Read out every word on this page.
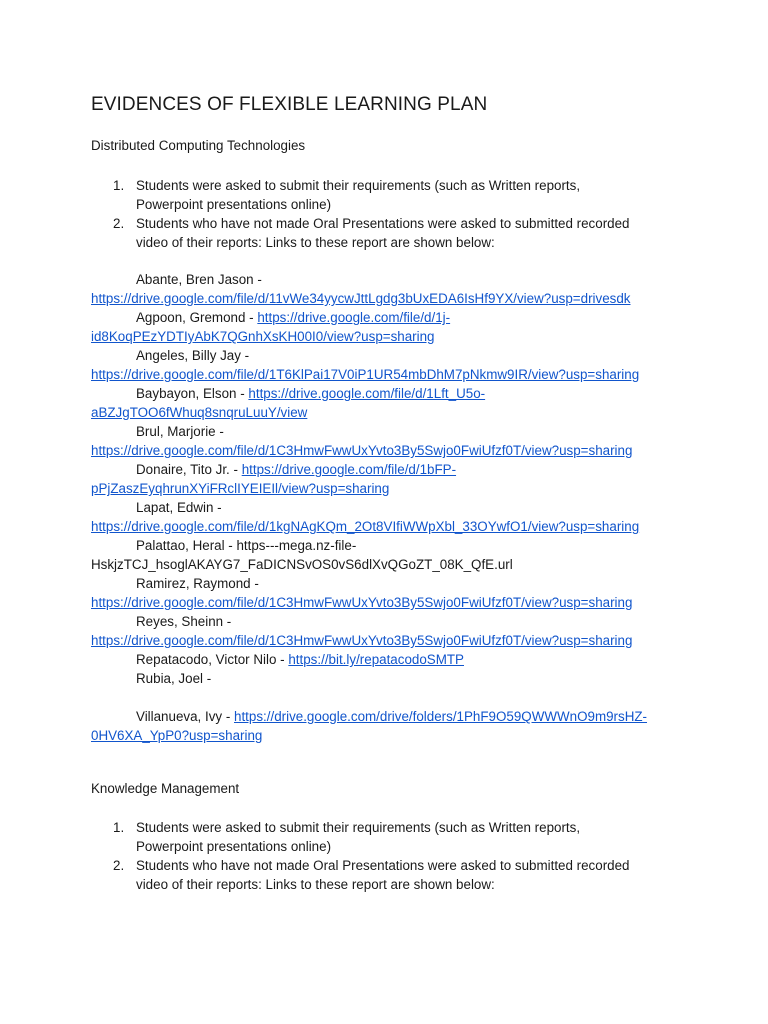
EVIDENCES OF FLEXIBLE LEARNING PLAN
Distributed Computing Technologies
1. Students were asked to submit their requirements (such as Written reports,
Powerpoint presentations online)
2. Students who have not made Oral Presentations were asked to submitted recorded
video of their reports: Links to these report are shown below:
Abante, Bren Jason -
https://drive.google.com/file/d/11vWe34yycwJttLgdg3bUxEDA6IsHf9YX/view?usp=drivesdk
Agpoon, Gremond - https://drive.google.com/file/d/1j-
id8KoqPEzYDTIyAbK7QGnhXsKH00I0/view?usp=sharing
Angeles, Billy Jay -
https://drive.google.com/file/d/1T6KlPai17V0iP1UR54mbDhM7pNkmw9IR/view?usp=sharing
Baybayon, Elson - https://drive.google.com/file/d/1Lft_U5o-
aBZJgTOO6fWhuq8snqruLuuY/view
Brul, Marjorie -
https://drive.google.com/file/d/1C3HmwFwwUxYvto3By5Swjo0FwiUfzf0T/view?usp=sharing
Donaire, Tito Jr. - https://drive.google.com/file/d/1bFP-
pPjZaszEyqhrunXYiFRclIYEIEIl/view?usp=sharing
Lapat, Edwin -
https://drive.google.com/file/d/1kgNAgKQm_2Ot8VIfiWWpXbl_33OYwfO1/view?usp=sharing
Palattao, Heral - https---mega.nz-file-
HskjzTCJ_hsoglAKAYG7_FaDICNSvOS0vS6dlXvQGoZT_08K_QfE.url
Ramirez, Raymond -
https://drive.google.com/file/d/1C3HmwFwwUxYvto3By5Swjo0FwiUfzf0T/view?usp=sharing
Reyes, Sheinn -
https://drive.google.com/file/d/1C3HmwFwwUxYvto3By5Swjo0FwiUfzf0T/view?usp=sharing
Repatacodo, Victor Nilo - https://bit.ly/repatacodoSMTP
Rubia, Joel -
Villanueva, Ivy - https://drive.google.com/drive/folders/1PhF9O59QWWWnO9m9rsHZ-
0HV6XA_YpP0?usp=sharing
Knowledge Management
1. Students were asked to submit their requirements (such as Written reports,
Powerpoint presentations online)
2. Students who have not made Oral Presentations were asked to submitted recorded
video of their reports: Links to these report are shown below:
